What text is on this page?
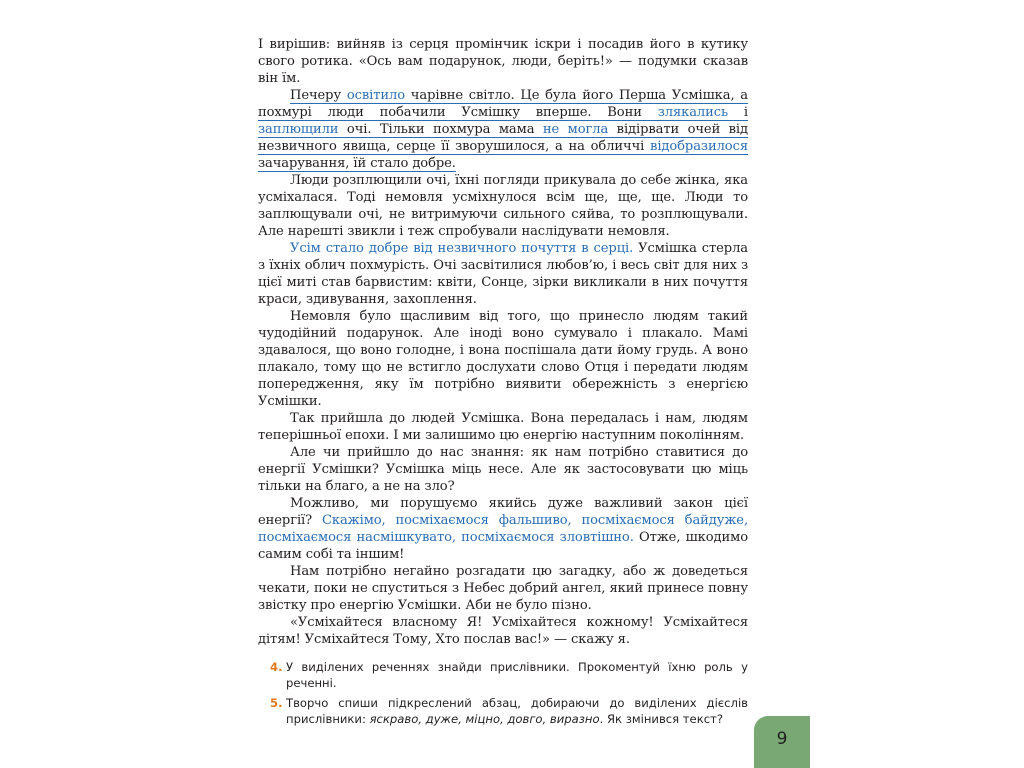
І вирішив: вийняв із серця промінчик іскри і посадив його в кутику свого ротика. «Ось вам подарунок, люди, беріть!» — подумки сказав він їм.

Печеру освітило чарівне світло. Це була його Перша Усмішка, а похмурі люди побачили Усмішку вперше. Вони злякались і заплющили очі. Тільки похмура мама не могла відірвати очей від незвичного явища, серце її зворушилося, а на обличчі відобразилося зачарування, їй стало добре.

Люди розплющили очі, їхні погляди прикувала до себе жінка, яка усміхалася. Тоді немовля усміхнулося всім ще, ще, ще. Люди то заплющували очі, не витримуючи сильного сяйва, то розплющували. Але нарешті звикли і теж спробували наслідувати немовля.

Усім стало добре від незвичного почуття в серці. Усмішка стерла з їхніх облич похмурість. Очі засвітилися любов’ю, і весь світ для них з цієї миті став барвистим: квіти, Сонце, зірки викликали в них почуття краси, здивування, захоплення.

Немовля було щасливим від того, що принесло людям такий чудодійний подарунок. Але іноді воно сумувало і плакало. Мамі здавалося, що воно голодне, і вона поспішала дати йому грудь. А воно плакало, тому що не встигло дослухати слово Отця і передати людям попередження, яку їм потрібно виявити обережність з енергією Усмішки.

Так прийшла до людей Усмішка. Вона передалась і нам, людям теперішньої епохи. І ми залишимо цю енергію наступним поколінням.

Але чи прийшло до нас знання: як нам потрібно ставитися до енергії Усмішки? Усмішка міць несе. Але як застосовувати цю міць тільки на благо, а не на зло?

Можливо, ми порушуємо якийсь дуже важливий закон цієї енергії? Скажімо, посміхаємося фальшиво, посміхаємося байдуже, посміхаємося насмішкувато, посміхаємося зловтішно. Отже, шкодимо самим собі та іншим!

Нам потрібно негайно розгадати цю загадку, або ж доведеться чекати, поки не спуститься з Небес добрий ангел, який принесе повну звістку про енергію Усмішки. Аби не було пізно.

«Усміхайтеся власному Я! Усміхайтеся кожному! Усміхайтеся дітям! Усміхайтеся Тому, Хто послав вас!» — скажу я.

4. У виділених реченнях знайди прислівники. Прокоментуй їхню роль у реченні.
5. Творчо спиши підкреслений абзац, добираючи до виділених дієслів прислівники: яскраво, дуже, міцно, довго, виразно. Як змінився текст?
9
